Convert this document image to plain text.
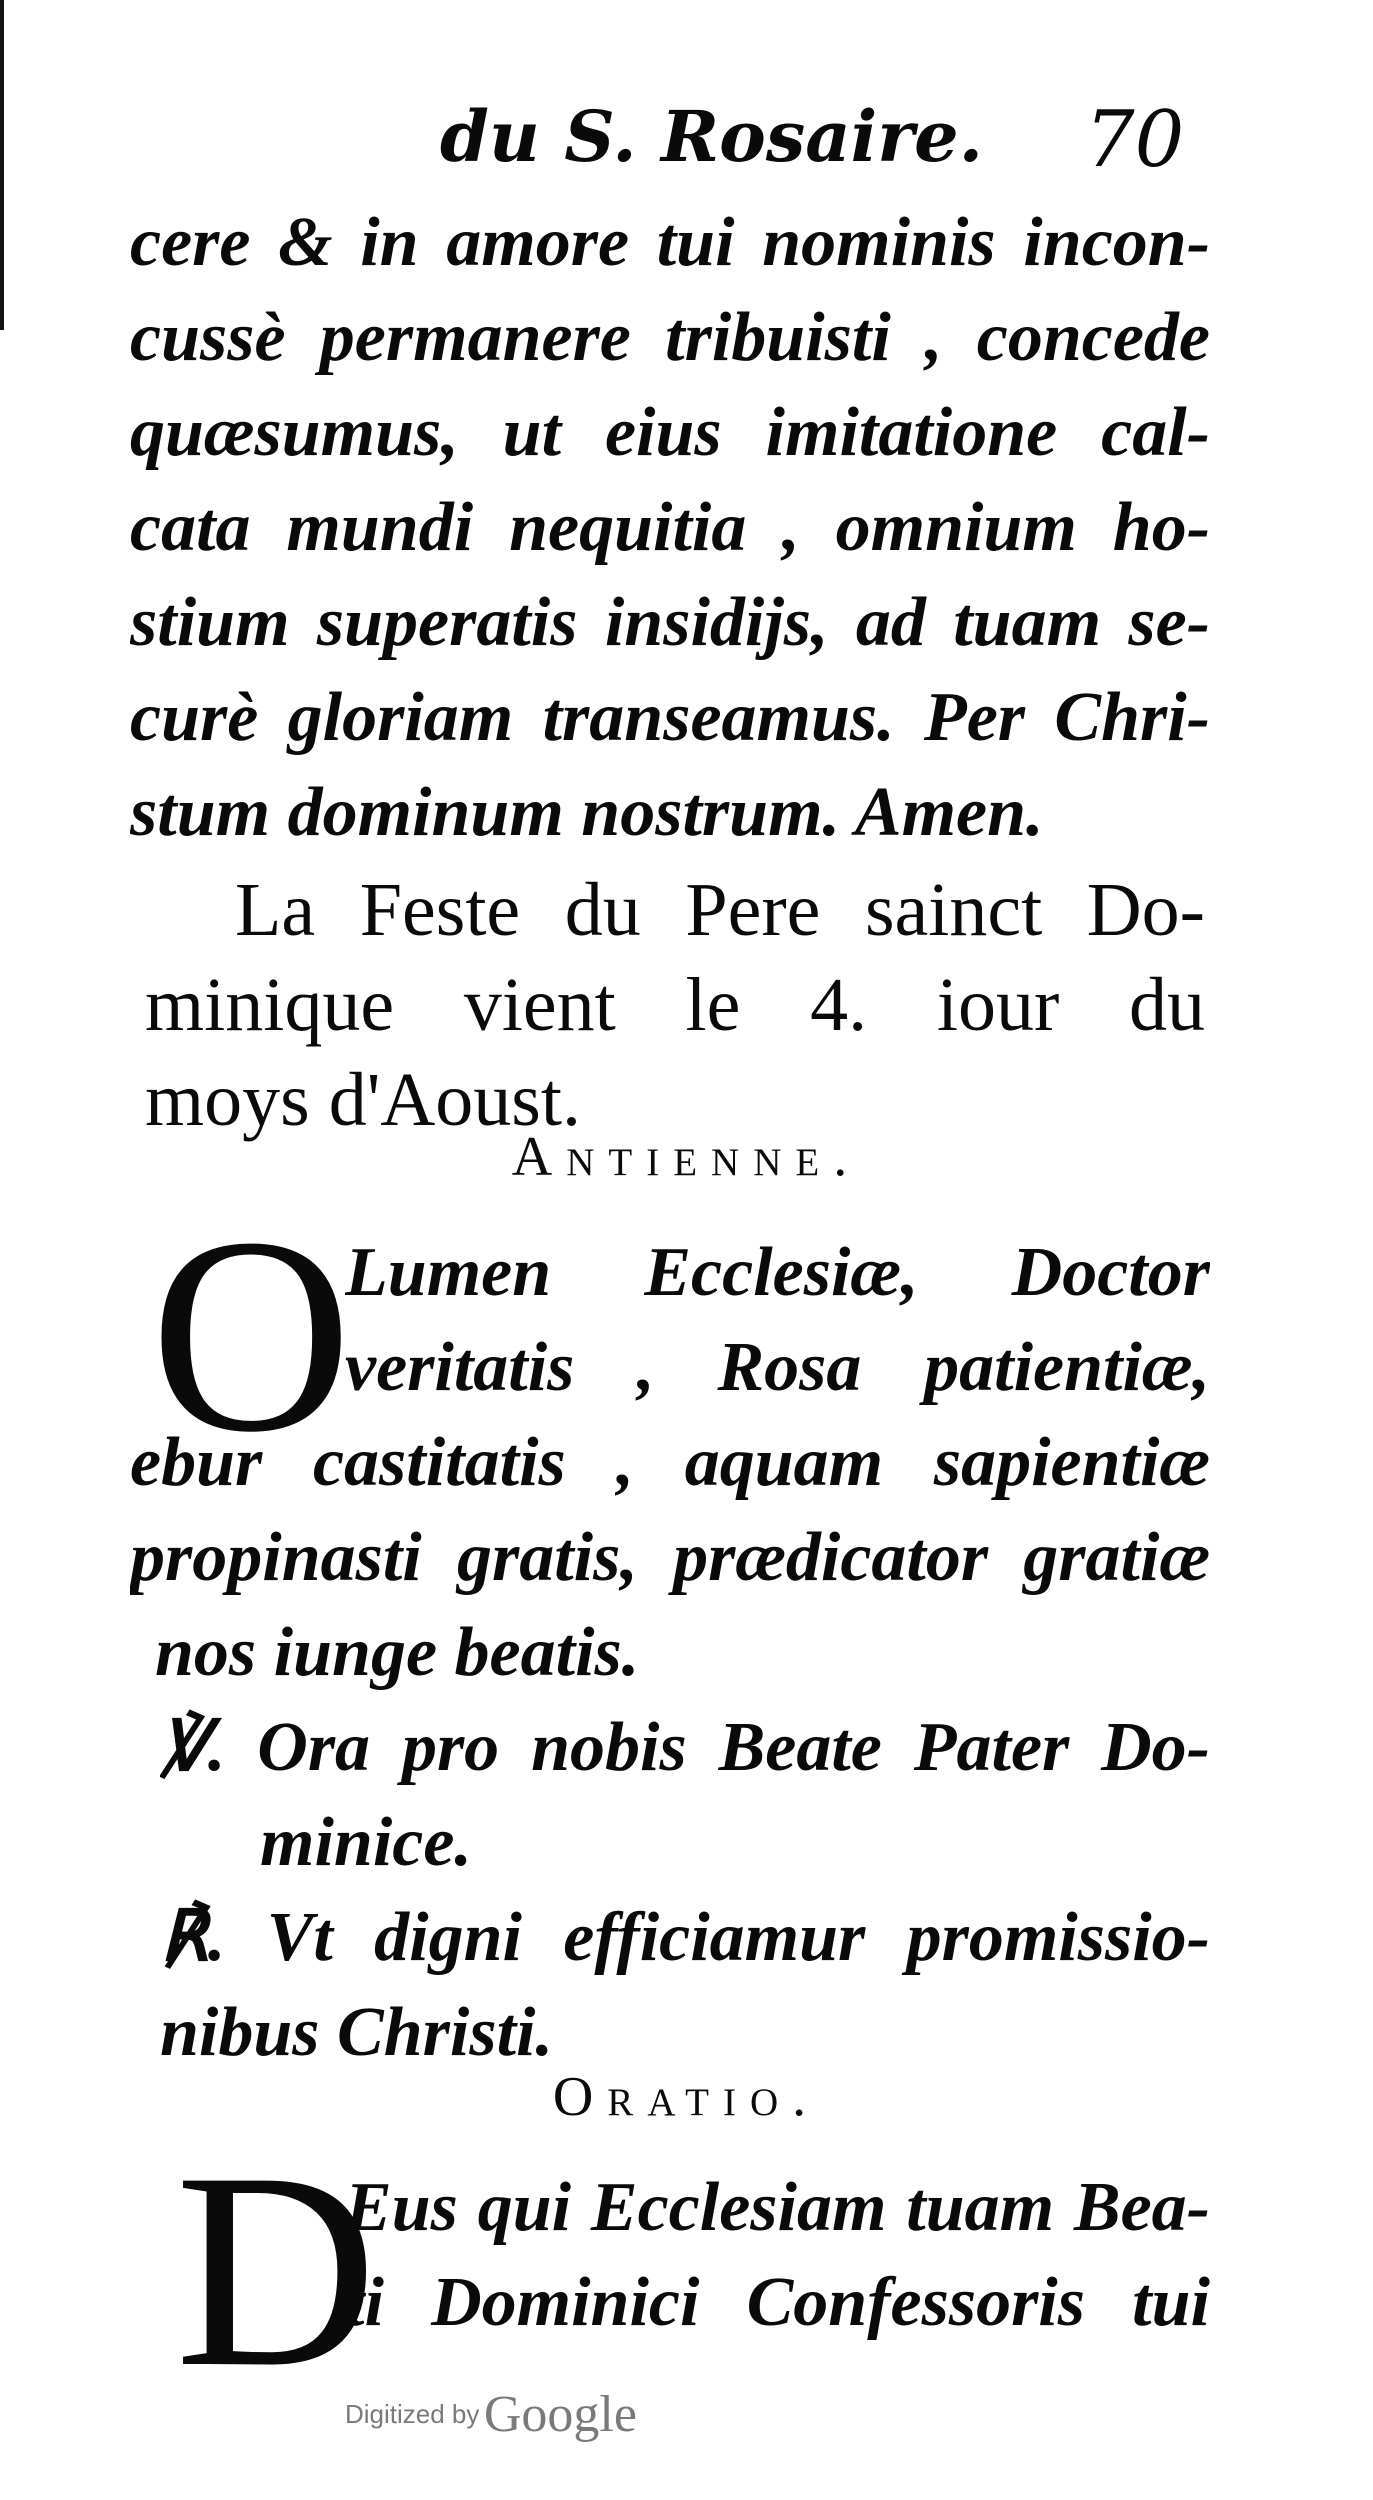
du S. Rosaire. 70
cere & in amore tui nominis incon-
cussè permanere tribuisti , concede
quæsumus, ut eius imitatione cal-
cata mundi nequitia , omnium ho-
stium superatis insidijs, ad tuam se-
curè gloriam transeamus. Per Chri-
stum dominum nostrum. Amen.
La Feste du Pere sainct Do-
minique vient le 4. iour du
moys d'Aoust.
Antienne.
O
Lumen Ecclesiæ, Doctor
veritatis , Rosa patientiæ,
ebur castitatis , aquam sapientiæ
propinasti gratis, prædicator gratiæ
nos iunge beatis.
℣. Ora pro nobis Beate Pater Do-
minice.
℟. Vt digni efficiamur promissio-
nibus Christi.
Oratio.
D
Eus qui Ecclesiam tuam Bea-
ti Dominici Confessoris tui
Digitized by Google
